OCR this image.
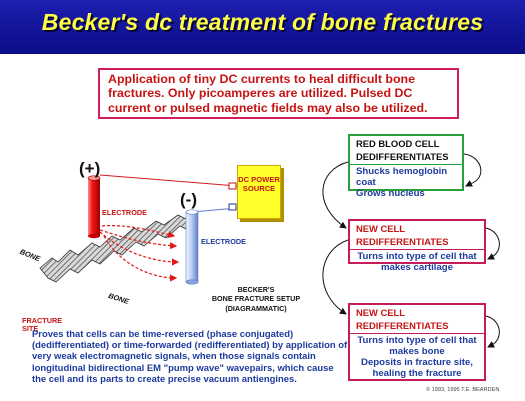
Becker's dc treatment of bone fractures
Application of tiny DC currents to heal difficult bone fractures. Only picoamperes are utilized. Pulsed DC current or pulsed magnetic fields may also be utilized.
DC POWER SOURCE
(+)
(-)
ELECTRODE
ELECTRODE
BONE
BONE
FRACTURE SITE
BECKER'S
BONE FRACTURE SETUP
(DIAGRAMMATIC)
RED BLOOD CELL
DEDIFFERENTIATES
Shucks hemoglobin coat
Grows nucleus
NEW CELL
REDIFFERENTIATES
Turns into type of cell that
makes cartilage
NEW CELL
REDIFFERENTIATES
Turns into type of cell that
makes bone
Deposits in fracture site,
healing the fracture
Proves that cells can be time-reversed (phase conjugated) (dedifferentiated) or time-forwarded (redifferentiated) by application of very weak electromagnetic signals, when those signals contain longitudinal bidirectional EM "pump wave" wavepairs, which cause the cell and its parts to create precise vacuum antiengines.
© 1993, 1995 T.E. BEARDEN
